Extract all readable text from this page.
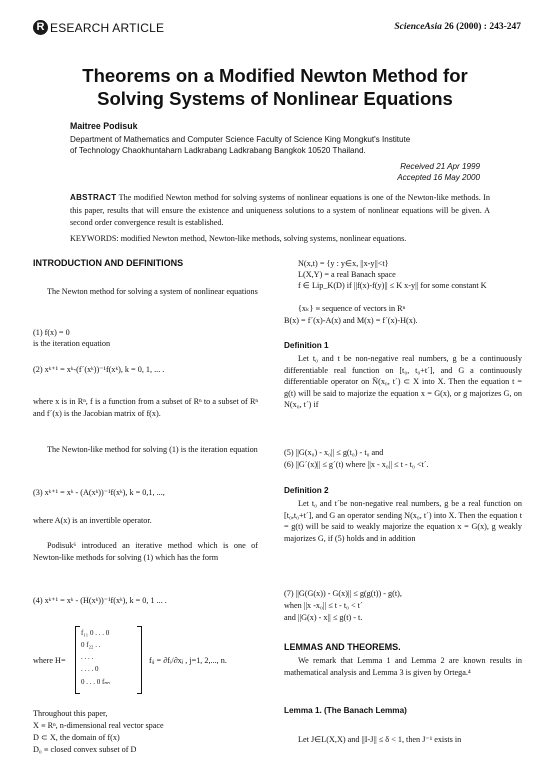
R ESEARCH ARTICLE	ScienceAsia 26 (2000) : 243-247
Theorems on a Modified Newton Method for
Solving Systems of Nonlinear Equations
Maitree Podisuk
Department of Mathematics and Computer Science Faculty of Science King Mongkut's Institute
of Technology Chaokhuntaharn Ladkrabang Ladkrabang Bangkok 10520 Thailand.
Received 21 Apr 1999
Accepted 16 May 2000
ABSTRACT The modified Newton method for solving systems of nonlinear equations is one of the Newton-like methods. In this paper, results that will ensure the existence and uniqueness solutions to a system of nonlinear equations will be given. A second order convergence result is established.
KEYWORDS: modified Newton method, Newton-like methods, solving systems, nonlinear equations.
INTRODUCTION AND DEFINITIONS
The Newton method for solving a system of nonlinear equations
(1) f(x) = 0
is the iteration equation
(2) xᵏ⁺¹ = xᵏ-(f´(xᵏ))⁻¹f(xᵏ), k = 0, 1, ... .
where x is in Rⁿ, f is a function from a subset of Rⁿ to a subset of Rⁿ and f´(x) is the Jacobian matrix of f(x).
The Newton-like method for solving (1) is the iteration equation
(3) xᵏ⁺¹ = xᵏ - (A(xᵏ))⁻¹f(xᵏ), k = 0,1, ...,
where A(x) is an invertible operator.
Podisuk⁶ introduced an iterative method which is one of Newton-like methods for solving (1) which has the form
(4) xᵏ⁺¹ = xᵏ - (H(xᵏ))⁻¹f(xᵏ), k = 0, 1 ... .
where H=
f₁₁ 0 . . . 0
0 f₂₂ . .
. . . .
. . . . 0
0 . . . 0 fₙₙ
fᵢⱼ = ∂fᵢ/∂xⱼ , j=1, 2,..., n.
Throughout this paper,
X ≡ Rⁿ, n-dimensional real vector space
D ⊂ X, the domain of f(x)
D₀ ≡ closed convex subset of D
N(x,t) = {y : y∈x, ||x-y||<t}
L(X,Y) = a real Banach space
f ∈ Lip_K(D) if ||f(x)-f(y)|| ≤ K x-y|| for some constant K
{xₖ} ≡ sequence of vectors in Rⁿ
B(x) = f´(x)-A(x) and M(x) = f´(x)-H(x).
Definition 1
Let t₀ and t be non-negative real numbers, g be a continuously differentiable real function on [t₀, t₀+t´], and G a continuously differentiable operator on N̄(x₀, t´) ⊂ X into X. Then the equation t = g(t) will be said to majorize the equation x = G(x), or g majorizes G, on N(x₀, t´) if
(5) ||G(x₀) - x₀|| ≤ g(t₀) - t₀ and
(6) ||G´(x)|| ≤ g´(t) where ||x - x₀|| ≤ t - t₀ <t´.
Definition 2
Let t₀ and t´be non-negative real numbers, g be a real function on [t₀,t₀+t´], and G an operator sending N(x₀, t´) into X. Then the equation t = g(t) will be said to weakly majorize the equation x = G(x), g weakly majorizes G, if (5) holds and in addition
(7) ||G(G(x)) - G(x)|| ≤ g(g(t)) - g(t),
when ||x -x₀|| ≤ t - t₀ < t´
and ||G(x) - x|| ≤ g(t) - t.
LEMMAS AND THEOREMS.
We remark that Lemma 1 and Lemma 2 are known results in mathematical analysis and Lemma 3 is given by Ortega.⁴
Lemma 1. (The Banach Lemma)
Let J∈L(X,X) and ||I-J|| ≤ δ < 1, then J⁻¹ exists in
